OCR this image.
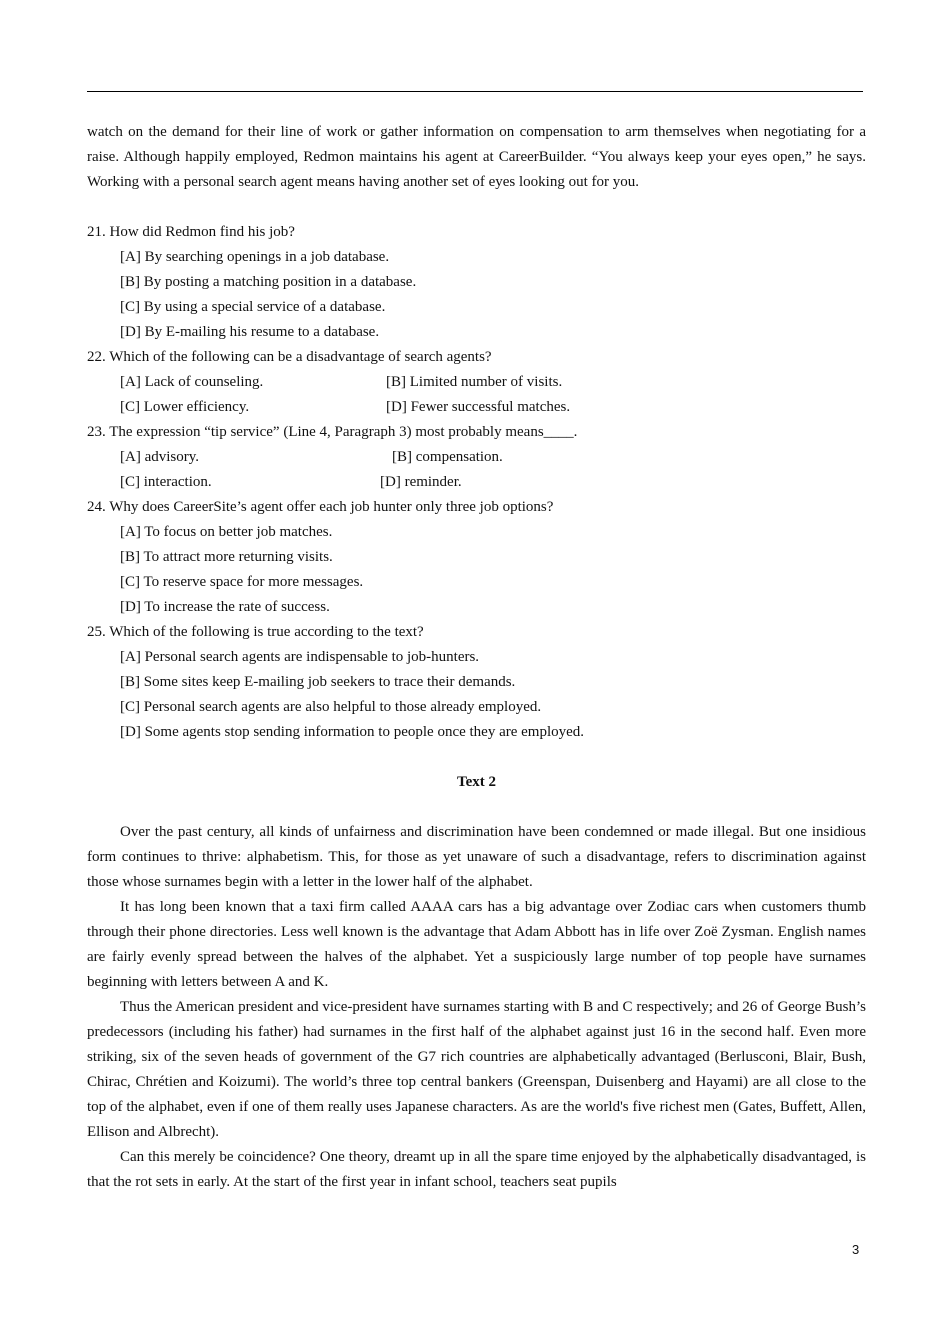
watch on the demand for their line of work or gather information on compensation to arm themselves when negotiating for a raise. Although happily employed, Redmon maintains his agent at CareerBuilder. “You always keep your eyes open,” he says. Working with a personal search agent means having another set of eyes looking out for you.

21. How did Redmon find his job?

[A] By searching openings in a job database.

[B] By posting a matching position in a database.

[C] By using a special service of a database.

[D] By E-mailing his resume to a database.

22. Which of the following can be a disadvantage of search agents?

[A] Lack of counseling.	[B] Limited number of visits.
[C] Lower efficiency.	[D] Fewer successful matches.

23. The expression “tip service” (Line 4, Paragraph 3) most probably means____.

[A] advisory.	[B] compensation.
[C] interaction.	[D] reminder.

24. Why does CareerSite’s agent offer each job hunter only three job options?

[A] To focus on better job matches.

[B] To attract more returning visits.

[C] To reserve space for more messages.

[D] To increase the rate of success.

25. Which of the following is true according to the text?

[A] Personal search agents are indispensable to job-hunters.

[B] Some sites keep E-mailing job seekers to trace their demands.

[C] Personal search agents are also helpful to those already employed.

[D] Some agents stop sending information to people once they are employed.

Text 2

Over the past century, all kinds of unfairness and discrimination have been condemned or made illegal. But one insidious form continues to thrive: alphabetism. This, for those as yet unaware of such a disadvantage, refers to discrimination against those whose surnames begin with a letter in the lower half of the alphabet.

It has long been known that a taxi firm called AAAA cars has a big advantage over Zodiac cars when customers thumb through their phone directories. Less well known is the advantage that Adam Abbott has in life over Zoë Zysman. English names are fairly evenly spread between the halves of the alphabet. Yet a suspiciously large number of top people have surnames beginning with letters between A and K.

Thus the American president and vice-president have surnames starting with B and C respectively; and 26 of George Bush’s predecessors (including his father) had surnames in the first half of the alphabet against just 16 in the second half. Even more striking, six of the seven heads of government of the G7 rich countries are alphabetically advantaged (Berlusconi, Blair, Bush, Chirac, Chrétien and Koizumi). The world’s three top central bankers (Greenspan, Duisenberg and Hayami) are all close to the top of the alphabet, even if one of them really uses Japanese characters. As are the world's five richest men (Gates, Buffett, Allen, Ellison and Albrecht).

Can this merely be coincidence? One theory, dreamt up in all the spare time enjoyed by the alphabetically disadvantaged, is that the rot sets in early. At the start of the first year in infant school, teachers seat pupils

3
